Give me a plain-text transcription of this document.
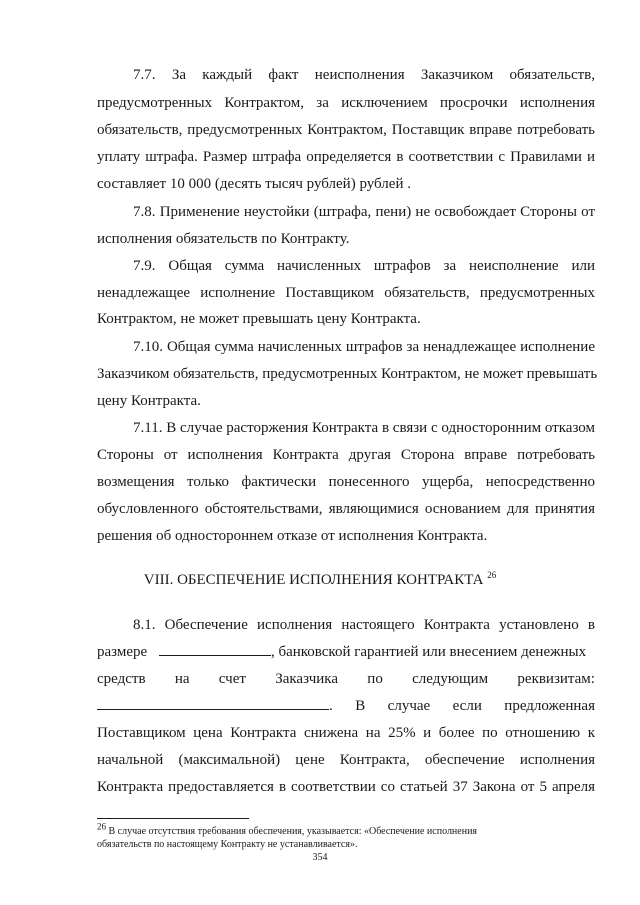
7.7. За каждый факт неисполнения Заказчиком обязательств,
предусмотренных Контрактом, за исключением просрочки исполнения
обязательств, предусмотренных Контрактом, Поставщик вправе потребовать
уплату штрафа. Размер штрафа определяется в соответствии с Правилами и
составляет 10 000 (десять тысяч рублей) рублей .
7.8. Применение неустойки (штрафа, пени) не освобождает Стороны от
исполнения обязательств по Контракту.
7.9. Общая сумма начисленных штрафов за неисполнение или
ненадлежащее исполнение Поставщиком обязательств, предусмотренных
Контрактом, не может превышать цену Контракта.
7.10. Общая сумма начисленных штрафов за ненадлежащее исполнение
Заказчиком обязательств, предусмотренных Контрактом, не может превышать
цену Контракта.
7.11. В случае расторжения Контракта в связи с односторонним отказом
Стороны от исполнения Контракта другая Сторона вправе потребовать
возмещения только фактически понесенного ущерба, непосредственно
обусловленного обстоятельствами, являющимися основанием для принятия
решения об одностороннем отказе от исполнения Контракта.
VIII. ОБЕСПЕЧЕНИЕ ИСПОЛНЕНИЯ КОНТРАКТА $^{26}$
8.1. Обеспечение исполнения настоящего Контракта установлено в
размере	, банковской гарантией или внесением денежных
средств на счет Заказчика по следующим реквизитам:
. В случае если предложенная
Поставщиком цена Контракта снижена на 25% и более по отношению к
начальной (максимальной) цене Контракта, обеспечение исполнения
Контракта предоставляется в соответствии со статьей 37 Закона от 5 апреля
$^{26}$ В случае отсутствия требования обеспечения, указывается: «Обеспечение исполнения
обязательств по настоящему Контракту не устанавливается».
354
